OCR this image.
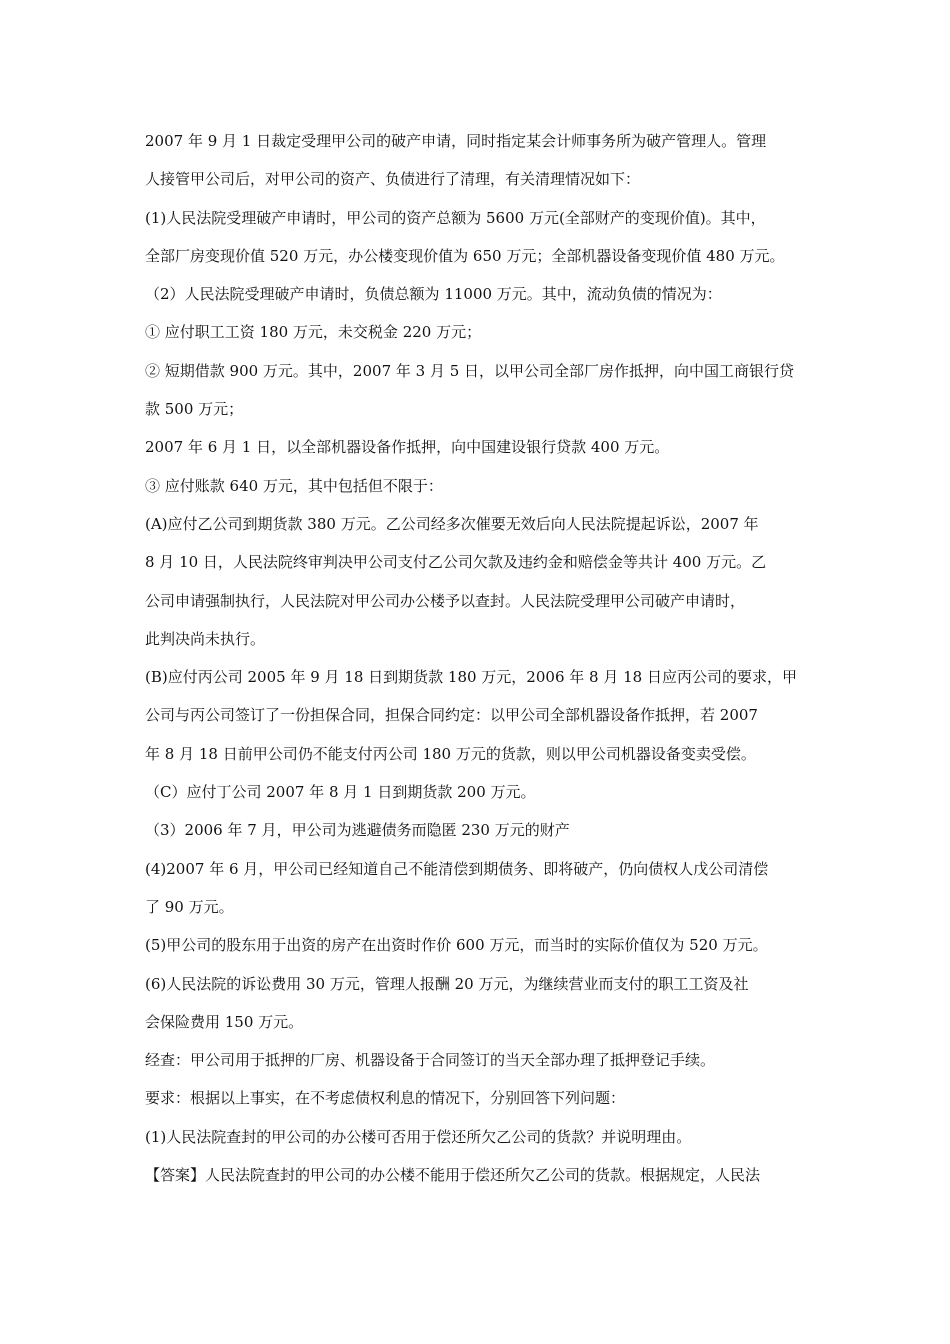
2007 年 9 月 1 日裁定受理甲公司的破产申请，同时指定某会计师事务所为破产管理人。管理
人接管甲公司后，对甲公司的资产、负债进行了清理，有关清理情况如下：
(1)人民法院受理破产申请时，甲公司的资产总额为 5600 万元(全部财产的变现价值)。其中，
全部厂房变现价值 520 万元，办公楼变现价值为 650 万元；全部机器设备变现价值 480 万元。
（2）人民法院受理破产申请时，负债总额为 11000 万元。其中，流动负债的情况为：
① 应付职工工资 180 万元，未交税金 220 万元；
② 短期借款 900 万元。其中，2007 年 3 月 5 日，以甲公司全部厂房作抵押，向中国工商银行贷
款 500 万元；
2007 年 6 月 1 日，以全部机器设备作抵押，向中国建设银行贷款 400 万元。
③ 应付账款 640 万元，其中包括但不限于：
(A)应付乙公司到期货款 380 万元。乙公司经多次催要无效后向人民法院提起诉讼，2007 年
8 月 10 日，人民法院终审判决甲公司支付乙公司欠款及违约金和赔偿金等共计 400 万元。乙
公司申请强制执行，人民法院对甲公司办公楼予以查封。人民法院受理甲公司破产申请时，
此判决尚未执行。
(B)应付丙公司 2005 年 9 月 18 日到期货款 180 万元，2006 年 8 月 18 日应丙公司的要求，甲
公司与丙公司签订了一份担保合同，担保合同约定：以甲公司全部机器设备作抵押，若 2007
年 8 月 18 日前甲公司仍不能支付丙公司 180 万元的货款，则以甲公司机器设备变卖受偿。
（C）应付丁公司 2007 年 8 月 1 日到期货款 200 万元。
（3）2006 年 7 月，甲公司为逃避债务而隐匿 230 万元的财产
(4)2007 年 6 月，甲公司已经知道自己不能清偿到期债务、即将破产，仍向债权人戊公司清偿
了 90 万元。
(5)甲公司的股东用于出资的房产在出资时作价 600 万元，而当时的实际价值仅为 520 万元。
(6)人民法院的诉讼费用 30 万元，管理人报酬 20 万元，为继续营业而支付的职工工资及社
会保险费用 150 万元。
经查：甲公司用于抵押的厂房、机器设备于合同签订的当天全部办理了抵押登记手续。
要求：根据以上事实，在不考虑债权利息的情况下，分别回答下列问题：
(1)人民法院查封的甲公司的办公楼可否用于偿还所欠乙公司的货款？并说明理由。
【答案】人民法院查封的甲公司的办公楼不能用于偿还所欠乙公司的货款。根据规定，人民法
